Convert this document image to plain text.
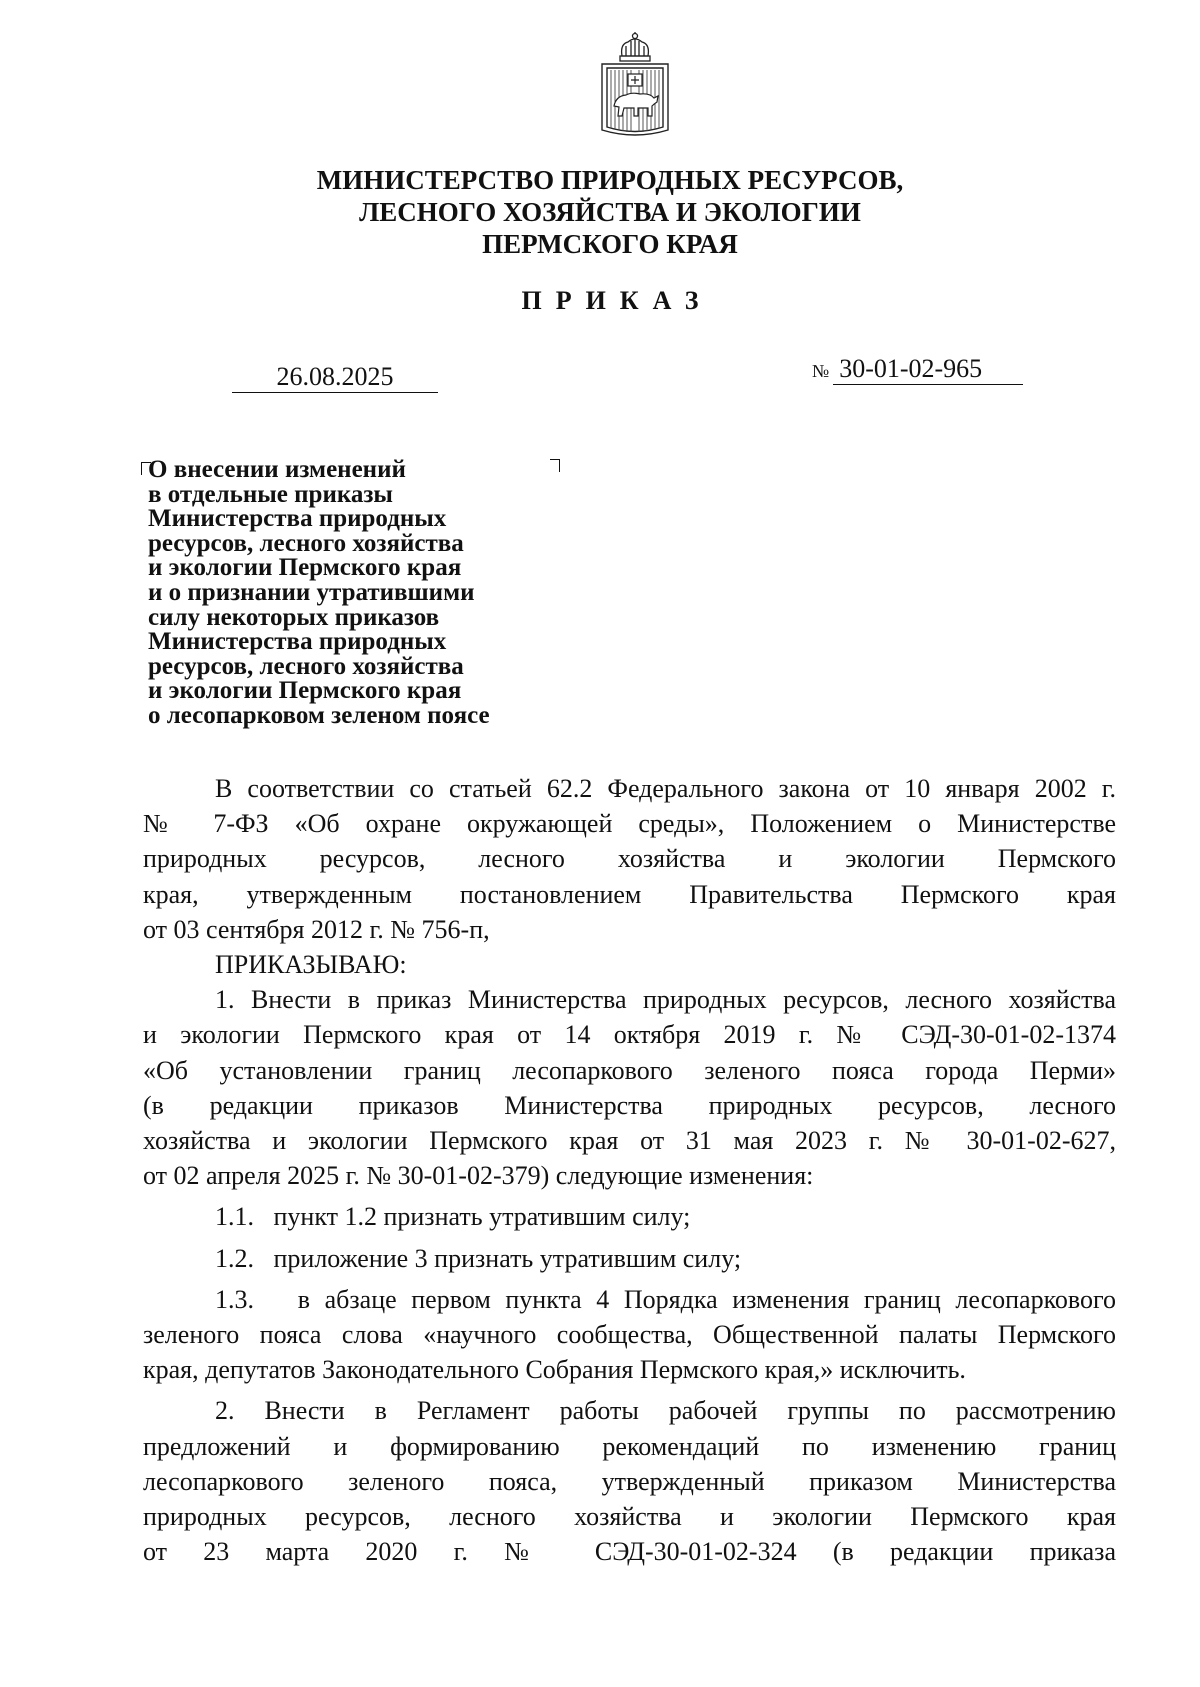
МИНИСТЕРСТВО ПРИРОДНЫХ РЕСУРСОВ,
ЛЕСНОГО ХОЗЯЙСТВА И ЭКОЛОГИИ
ПЕРМСКОГО КРАЯ
ПРИКАЗ
26.08.2025	№ 30-01-02-965
О внесении изменений
в отдельные приказы
Министерства природных
ресурсов, лесного хозяйства
и экологии Пермского края
и о признании утратившими
силу некоторых приказов
Министерства природных
ресурсов, лесного хозяйства
и экологии Пермского края
о лесопарковом зеленом поясе
В соответствии со статьей 62.2 Федерального закона от 10 января 2002 г.
№ 7-ФЗ «Об охране окружающей среды», Положением о Министерстве
природных ресурсов, лесного хозяйства и экологии Пермского
края, утвержденным постановлением Правительства Пермского края
от 03 сентября 2012 г. № 756-п,
ПРИКАЗЫВАЮ:
1. Внести в приказ Министерства природных ресурсов, лесного хозяйства
и экологии Пермского края от 14 октября 2019 г. № СЭД-30-01-02-1374
«Об установлении границ лесопаркового зеленого пояса города Перми»
(в редакции приказов Министерства природных ресурсов, лесного
хозяйства и экологии Пермского края от 31 мая 2023 г. № 30-01-02-627,
от 02 апреля 2025 г. № 30-01-02-379) следующие изменения:
1.1.   пункт 1.2 признать утратившим силу;
1.2.   приложение 3 признать утратившим силу;
1.3.   в абзаце первом пункта 4 Порядка изменения границ лесопаркового
зеленого пояса слова «научного сообщества, Общественной палаты Пермского
края, депутатов Законодательного Собрания Пермского края,» исключить.
2. Внести в Регламент работы рабочей группы по рассмотрению
предложений и формированию рекомендаций по изменению границ
лесопаркового зеленого пояса, утвержденный приказом Министерства
природных ресурсов, лесного хозяйства и экологии Пермского края
от 23 марта 2020 г. № СЭД-30-01-02-324 (в редакции приказа
